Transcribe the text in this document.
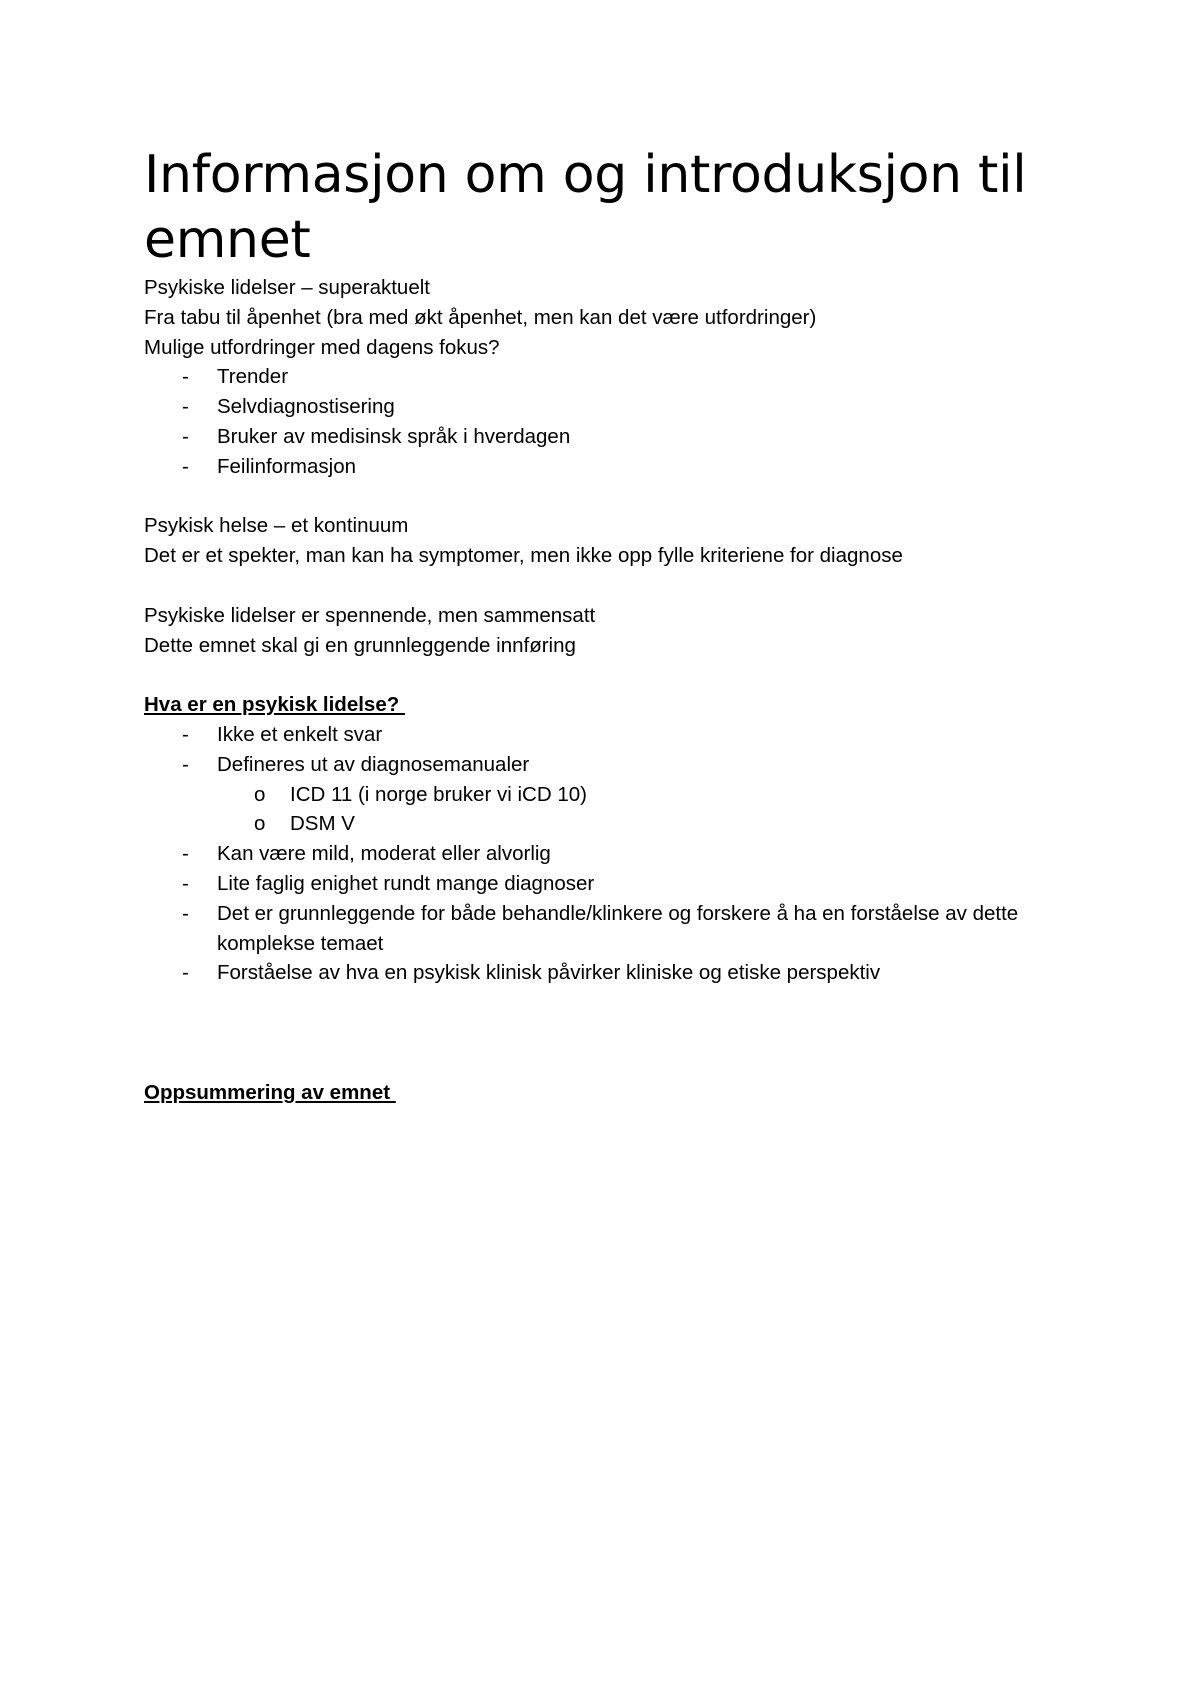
Informasjon om og introduksjon til emnet
Psykiske lidelser – superaktuelt
Fra tabu til åpenhet (bra med økt åpenhet, men kan det være utfordringer)
Mulige utfordringer med dagens fokus?
- Trender
- Selvdiagnostisering
- Bruker av medisinsk språk i hverdagen
- Feilinformasjon
Psykisk helse – et kontinuum
Det er et spekter, man kan ha symptomer, men ikke opp fylle kriteriene for diagnose
Psykiske lidelser er spennende, men sammensatt
Dette emnet skal gi en grunnleggende innføring
Hva er en psykisk lidelse?
- Ikke et enkelt svar
- Defineres ut av diagnosemanualer
o ICD 11 (i norge bruker vi iCD 10)
o DSM V
- Kan være mild, moderat eller alvorlig
- Lite faglig enighet rundt mange diagnoser
- Det er grunnleggende for både behandle/klinkere og forskere å ha en forståelse av dette komplekse temaet
- Forståelse av hva en psykisk klinisk påvirker kliniske og etiske perspektiv
Oppsummering av emnet
